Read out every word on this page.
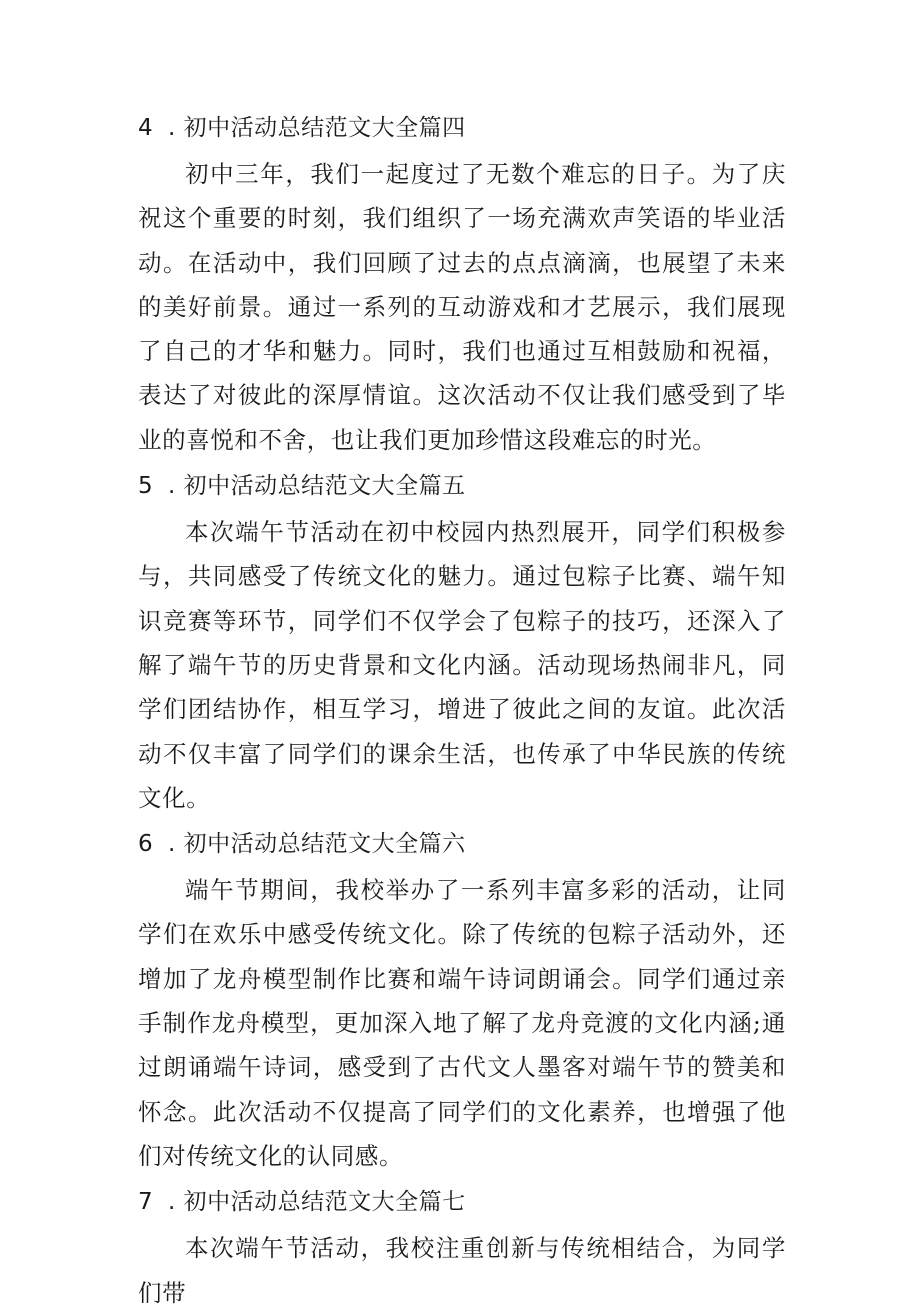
4 . 初中活动总结范文大全篇四

初中三年，我们一起度过了无数个难忘的日子。为了庆祝这个重要的时刻，我们组织了一场充满欢声笑语的毕业活动。在活动中，我们回顾了过去的点点滴滴，也展望了未来的美好前景。通过一系列的互动游戏和才艺展示，我们展现了自己的才华和魅力。同时，我们也通过互相鼓励和祝福，表达了对彼此的深厚情谊。这次活动不仅让我们感受到了毕业的喜悦和不舍，也让我们更加珍惜这段难忘的时光。

5 . 初中活动总结范文大全篇五

本次端午节活动在初中校园内热烈展开，同学们积极参与，共同感受了传统文化的魅力。通过包粽子比赛、端午知识竞赛等环节，同学们不仅学会了包粽子的技巧，还深入了解了端午节的历史背景和文化内涵。活动现场热闹非凡，同学们团结协作，相互学习，增进了彼此之间的友谊。此次活动不仅丰富了同学们的课余生活，也传承了中华民族的传统文化。

6 . 初中活动总结范文大全篇六

端午节期间，我校举办了一系列丰富多彩的活动，让同学们在欢乐中感受传统文化。除了传统的包粽子活动外，还增加了龙舟模型制作比赛和端午诗词朗诵会。同学们通过亲手制作龙舟模型，更加深入地了解了龙舟竞渡的文化内涵;通过朗诵端午诗词，感受到了古代文人墨客对端午节的赞美和怀念。此次活动不仅提高了同学们的文化素养，也增强了他们对传统文化的认同感。

7 . 初中活动总结范文大全篇七

本次端午节活动，我校注重创新与传统相结合，为同学们带
